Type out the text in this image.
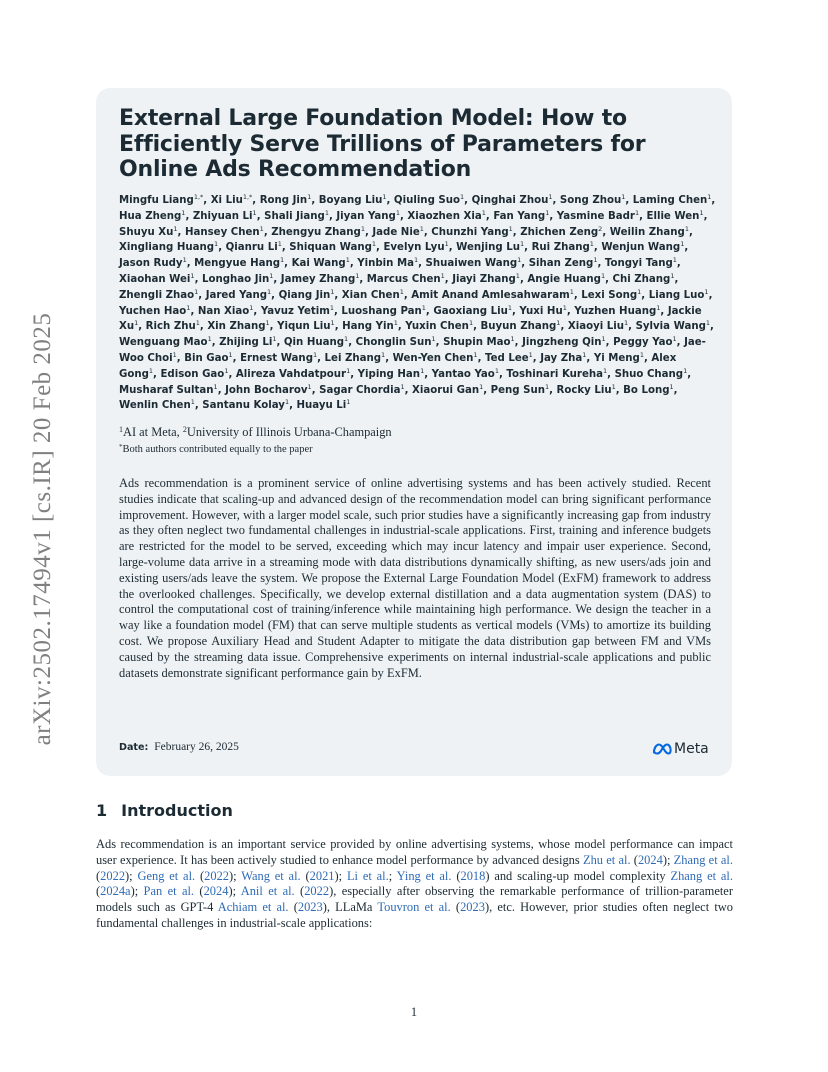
arXiv:2502.17494v1 [cs.IR] 20 Feb 2025
External Large Foundation Model: How to Efficiently Serve Trillions of Parameters for Online Ads Recommendation
Mingfu Liang$^{1,*}$, Xi Liu$^{1,*}$, Rong Jin$^1$, Boyang Liu$^1$, Qiuling Suo$^1$, Qinghai Zhou$^1$, Song Zhou$^1$, Laming Chen$^1$, Hua Zheng$^1$, Zhiyuan Li$^1$, Shali Jiang$^1$, Jiyan Yang$^1$, Xiaozhen Xia$^1$, Fan Yang$^1$, Yasmine Badr$^1$, Ellie Wen$^1$, Shuyu Xu$^1$, Hansey Chen$^1$, Zhengyu Zhang$^1$, Jade Nie$^1$, Chunzhi Yang$^1$, Zhichen Zeng$^2$, Weilin Zhang$^1$, Xingliang Huang$^1$, Qianru Li$^1$, Shiquan Wang$^1$, Evelyn Lyu$^1$, Wenjing Lu$^1$, Rui Zhang$^1$, Wenjun Wang$^1$, Jason Rudy$^1$, Mengyue Hang$^1$, Kai Wang$^1$, Yinbin Ma$^1$, Shuaiwen Wang$^1$, Sihan Zeng$^1$, Tongyi Tang$^1$, Xiaohan Wei$^1$, Longhao Jin$^1$, Jamey Zhang$^1$, Marcus Chen$^1$, Jiayi Zhang$^1$, Angie Huang$^1$, Chi Zhang$^1$, Zhengli Zhao$^1$, Jared Yang$^1$, Qiang Jin$^1$, Xian Chen$^1$, Amit Anand Amlesahwaram$^1$, Lexi Song$^1$, Liang Luo$^1$, Yuchen Hao$^1$, Nan Xiao$^1$, Yavuz Yetim$^1$, Luoshang Pan$^1$, Gaoxiang Liu$^1$, Yuxi Hu$^1$, Yuzhen Huang$^1$, Jackie Xu$^1$, Rich Zhu$^1$, Xin Zhang$^1$, Yiqun Liu$^1$, Hang Yin$^1$, Yuxin Chen$^1$, Buyun Zhang$^1$, Xiaoyi Liu$^1$, Sylvia Wang$^1$, Wenguang Mao$^1$, Zhijing Li$^1$, Qin Huang$^1$, Chonglin Sun$^1$, Shupin Mao$^1$, Jingzheng Qin$^1$, Peggy Yao$^1$, Jae-Woo Choi$^1$, Bin Gao$^1$, Ernest Wang$^1$, Lei Zhang$^1$, Wen-Yen Chen$^1$, Ted Lee$^1$, Jay Zha$^1$, Yi Meng$^1$, Alex Gong$^1$, Edison Gao$^1$, Alireza Vahdatpour$^1$, Yiping Han$^1$, Yantao Yao$^1$, Toshinari Kureha$^1$, Shuo Chang$^1$, Musharaf Sultan$^1$, John Bocharov$^1$, Sagar Chordia$^1$, Xiaorui Gan$^1$, Peng Sun$^1$, Rocky Liu$^1$, Bo Long$^1$, Wenlin Chen$^1$, Santanu Kolay$^1$, Huayu Li$^1$
$^1$AI at Meta, $^2$University of Illinois Urbana-Champaign
*Both authors contributed equally to the paper

Ads recommendation is a prominent service of online advertising systems and has been actively studied. Recent studies indicate that scaling-up and advanced design of the recommendation model can bring significant performance improvement. However, with a larger model scale, such prior studies have a significantly increasing gap from industry as they often neglect two fundamental challenges in industrial-scale applications. First, training and inference budgets are restricted for the model to be served, exceeding which may incur latency and impair user experience. Second, large-volume data arrive in a streaming mode with data distributions dynamically shifting, as new users/ads join and existing users/ads leave the system. We propose the External Large Foundation Model (ExFM) framework to address the overlooked challenges. Specifically, we develop external distillation and a data augmentation system (DAS) to control the computational cost of training/inference while maintaining high performance. We design the teacher in a way like a foundation model (FM) that can serve multiple students as vertical models (VMs) to amortize its building cost. We propose Auxiliary Head and Student Adapter to mitigate the data distribution gap between FM and VMs caused by the streaming data issue. Comprehensive experiments on internal industrial-scale applications and public datasets demonstrate significant performance gain by ExFM.

Date: February 26, 2025	Meta
1 Introduction

Ads recommendation is an important service provided by online advertising systems, whose model performance can impact user experience. It has been actively studied to enhance model performance by advanced designs Zhu et al. (2024); Zhang et al. (2022); Geng et al. (2022); Wang et al. (2021); Li et al.; Ying et al. (2018) and scaling-up model complexity Zhang et al. (2024a); Pan et al. (2024); Anil et al. (2022), especially after observing the remarkable performance of trillion-parameter models such as GPT-4 Achiam et al. (2023), LLaMa Touvron et al. (2023), etc. However, prior studies often neglect two fundamental challenges in industrial-scale applications:

1
